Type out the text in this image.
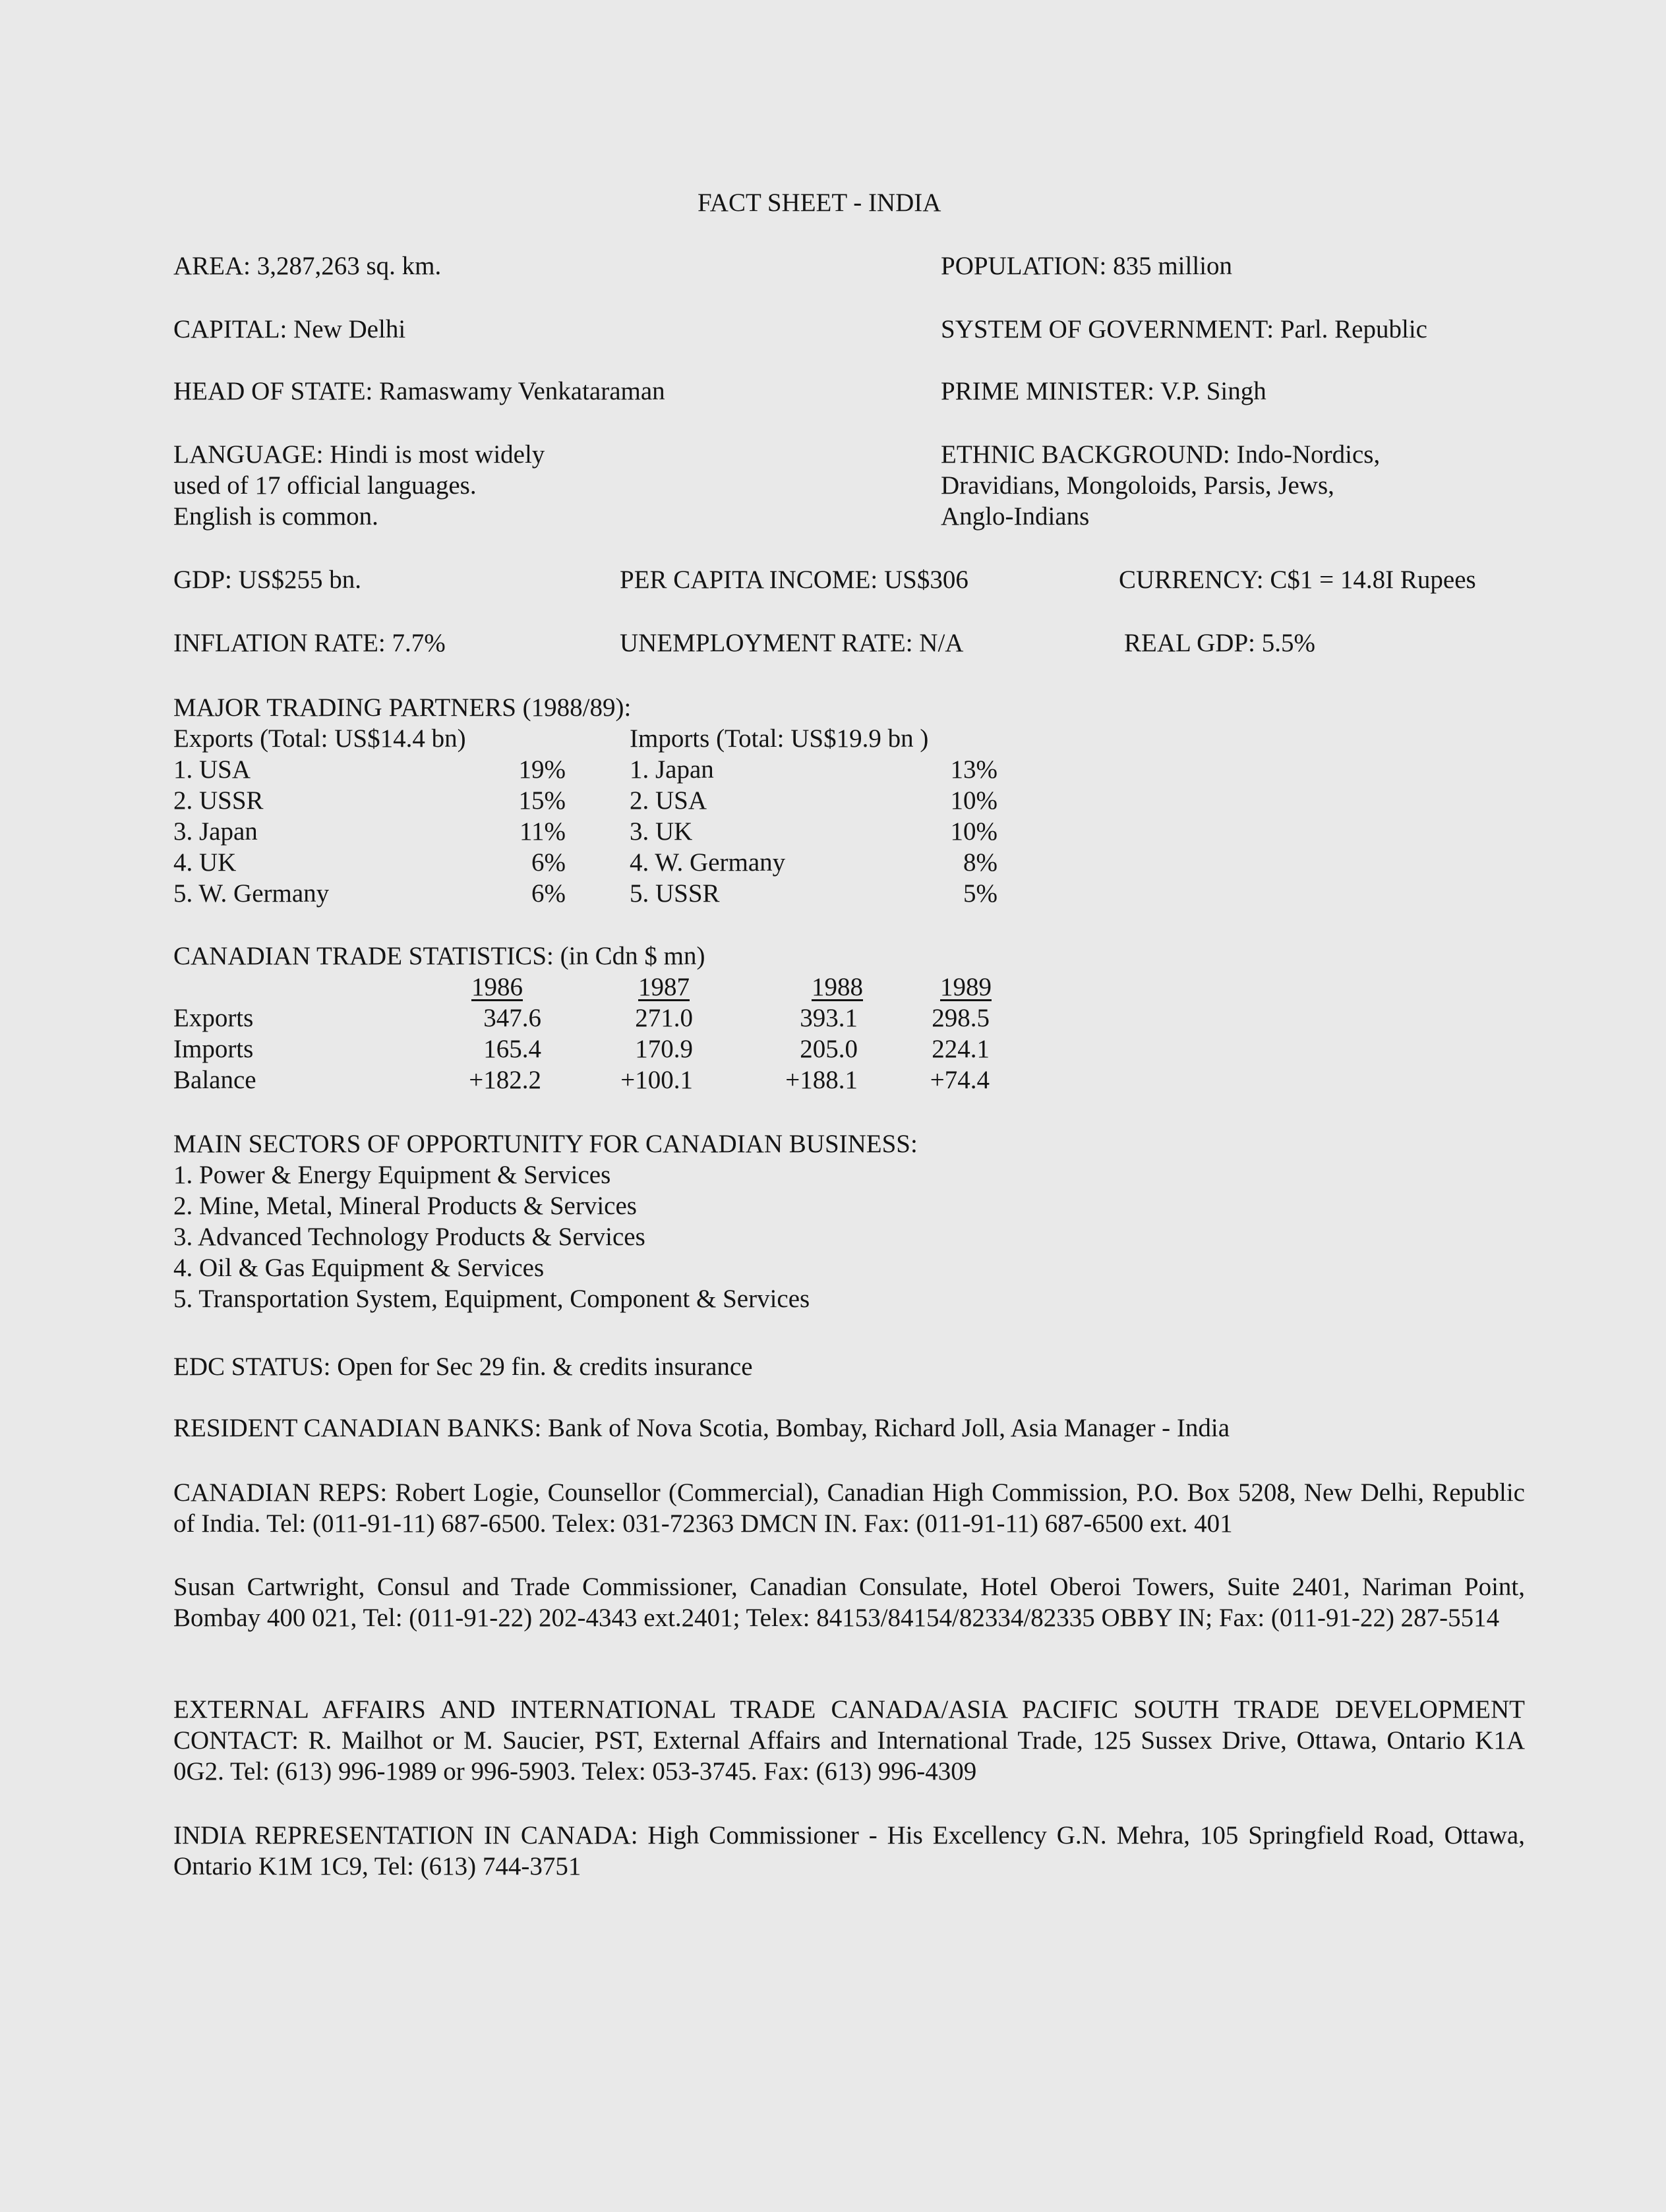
FACT SHEET - INDIA
AREA: 3,287,263 sq. km.	POPULATION: 835 million
CAPITAL: New Delhi	SYSTEM OF GOVERNMENT: Parl. Republic
HEAD OF STATE: Ramaswamy Venkataraman	PRIME MINISTER: V.P. Singh
LANGUAGE: Hindi is most widely
used of 17 official languages.
English is common.
ETHNIC BACKGROUND: Indo-Nordics,
Dravidians, Mongoloids, Parsis, Jews,
Anglo-Indians
GDP: US$255 bn.	PER CAPITA INCOME: US$306	CURRENCY: C$1 = 14.8I Rupees
INFLATION RATE: 7.7%	UNEMPLOYMENT RATE: N/A	REAL GDP: 5.5%
MAJOR TRADING PARTNERS (1988/89):
Exports (Total: US$14.4 bn)	Imports (Total: US$19.9 bn )
1. USA	19% 1. Japan	13%
2. USSR	15% 2. USA	10%
3. Japan	11% 3. UK	10%
4. UK	6% 4. W. Germany	8%
5. W. Germany	6% 5. USSR	5%
CANADIAN TRADE STATISTICS: (in Cdn $ mn)
1986	1987	1988	1989
Exports	347.6	271.0	393.1	298.5
Imports	165.4	170.9	205.0	224.1
Balance	+182.2	+100.1	+188.1	+74.4
MAIN SECTORS OF OPPORTUNITY FOR CANADIAN BUSINESS:
1. Power & Energy Equipment & Services
2. Mine, Metal, Mineral Products & Services
3. Advanced Technology Products & Services
4. Oil & Gas Equipment & Services
5. Transportation System, Equipment, Component & Services
EDC STATUS: Open for Sec 29 fin. & credits insurance
RESIDENT CANADIAN BANKS: Bank of Nova Scotia, Bombay, Richard Joll, Asia Manager - India
CANADIAN REPS: Robert Logie, Counsellor (Commercial), Canadian High Commission, P.O. Box 5208, New Delhi, Republic of India. Tel: (011-91-11) 687-6500. Telex: 031-72363 DMCN IN. Fax: (011-91-11) 687-6500 ext. 401
Susan Cartwright, Consul and Trade Commissioner, Canadian Consulate, Hotel Oberoi Towers, Suite 2401, Nariman Point, Bombay 400 021, Tel: (011-91-22) 202-4343 ext.2401; Telex: 84153/84154/82334/82335 OBBY IN; Fax: (011-91-22) 287-5514
EXTERNAL AFFAIRS AND INTERNATIONAL TRADE CANADA/ASIA PACIFIC SOUTH TRADE DEVELOPMENT CONTACT: R. Mailhot or M. Saucier, PST, External Affairs and International Trade, 125 Sussex Drive, Ottawa, Ontario K1A 0G2. Tel: (613) 996-1989 or 996-5903. Telex: 053-3745. Fax: (613) 996-4309
INDIA REPRESENTATION IN CANADA: High Commissioner - His Excellency G.N. Mehra, 105 Springfield Road, Ottawa, Ontario K1M 1C9, Tel: (613) 744-3751
